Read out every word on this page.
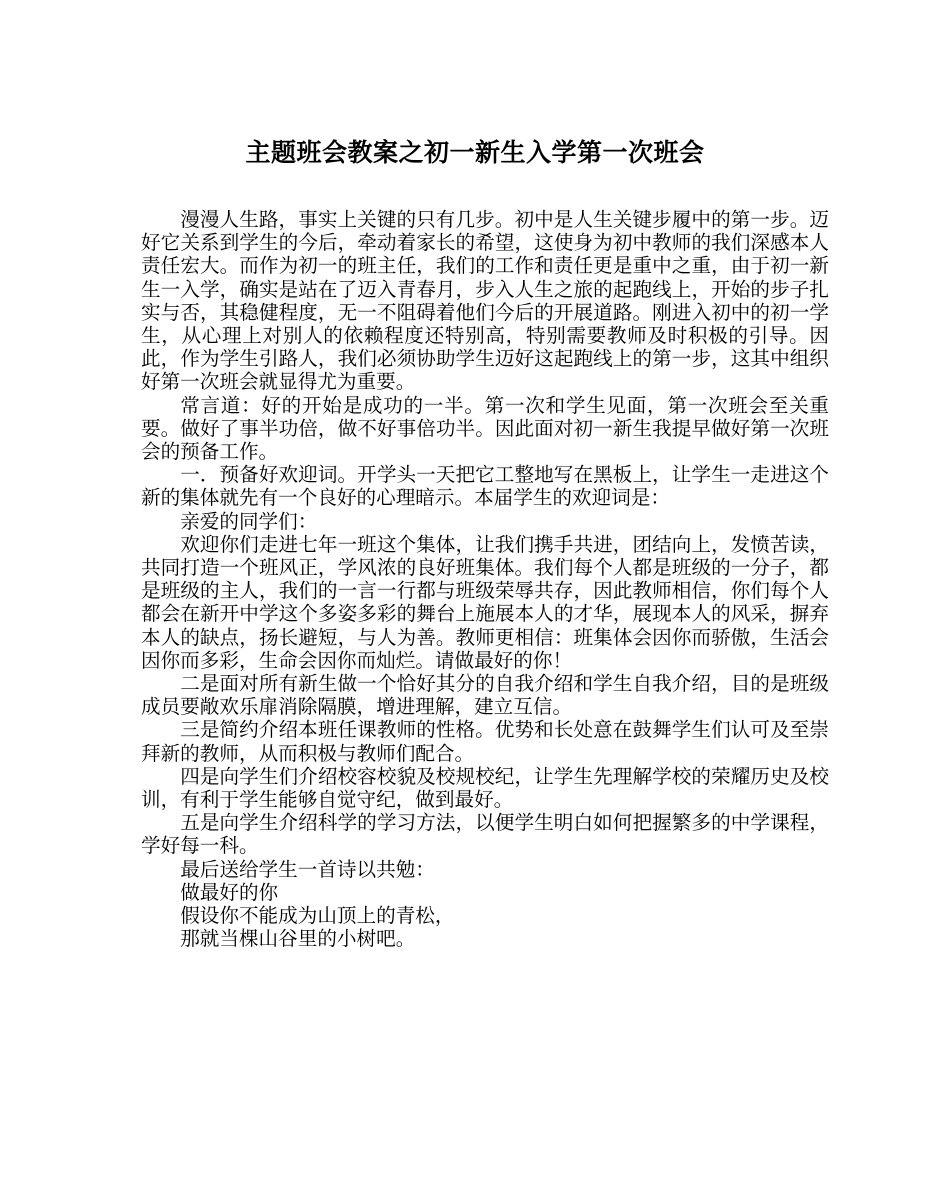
主题班会教案之初一新生入学第一次班会

漫漫人生路，事实上关键的只有几步。初中是人生关键步履中的第一步。迈好它关系到学生的今后，牵动着家长的希望，这使身为初中教师的我们深感本人责任宏大。而作为初一的班主任，我们的工作和责任更是重中之重，由于初一新生一入学，确实是站在了迈入青春月，步入人生之旅的起跑线上，开始的步子扎实与否，其稳健程度，无一不阻碍着他们今后的开展道路。刚进入初中的初一学生，从心理上对别人的依赖程度还特别高，特别需要教师及时积极的引导。因此，作为学生引路人，我们必须协助学生迈好这起跑线上的第一步，这其中组织好第一次班会就显得尤为重要。

常言道：好的开始是成功的一半。第一次和学生见面，第一次班会至关重要。做好了事半功倍，做不好事倍功半。因此面对初一新生我提早做好第一次班会的预备工作。

一．预备好欢迎词。开学头一天把它工整地写在黑板上，让学生一走进这个新的集体就先有一个良好的心理暗示。本届学生的欢迎词是：

亲爱的同学们：

欢迎你们走进七年一班这个集体，让我们携手共进，团结向上，发愤苦读，共同打造一个班风正，学风浓的良好班集体。我们每个人都是班级的一分子，都是班级的主人，我们的一言一行都与班级荣辱共存，因此教师相信，你们每个人都会在新开中学这个多姿多彩的舞台上施展本人的才华，展现本人的风采，摒弃本人的缺点，扬长避短，与人为善。教师更相信：班集体会因你而骄傲，生活会因你而多彩，生命会因你而灿烂。请做最好的你！

二是面对所有新生做一个恰好其分的自我介绍和学生自我介绍，目的是班级成员要敞欢乐扉消除隔膜，增进理解，建立互信。

三是简约介绍本班任课教师的性格。优势和长处意在鼓舞学生们认可及至崇拜新的教师，从而积极与教师们配合。

四是向学生们介绍校容校貌及校规校纪，让学生先理解学校的荣耀历史及校训，有利于学生能够自觉守纪，做到最好。

五是向学生介绍科学的学习方法，以便学生明白如何把握繁多的中学课程，学好每一科。

最后送给学生一首诗以共勉：

做最好的你

假设你不能成为山顶上的青松，

那就当棵山谷里的小树吧。
